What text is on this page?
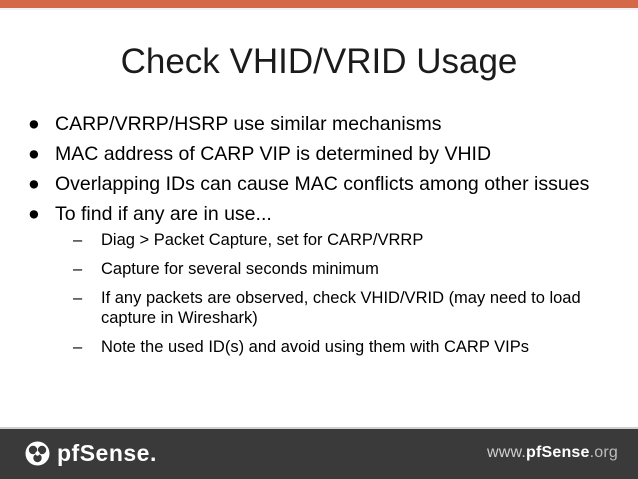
Check VHID/VRID Usage
● CARP/VRRP/HSRP use similar mechanisms
● MAC address of CARP VIP is determined by VHID
● Overlapping IDs can cause MAC conflicts among other issues
● To find if any are in use...
–	Diag > Packet Capture, set for CARP/VRRP
–	Capture for several seconds minimum
–	If any packets are observed, check VHID/VRID (may need to load capture in Wireshark)
–	Note the used ID(s) and avoid using them with CARP VIPs
pfSense.	www.pfSense.org
